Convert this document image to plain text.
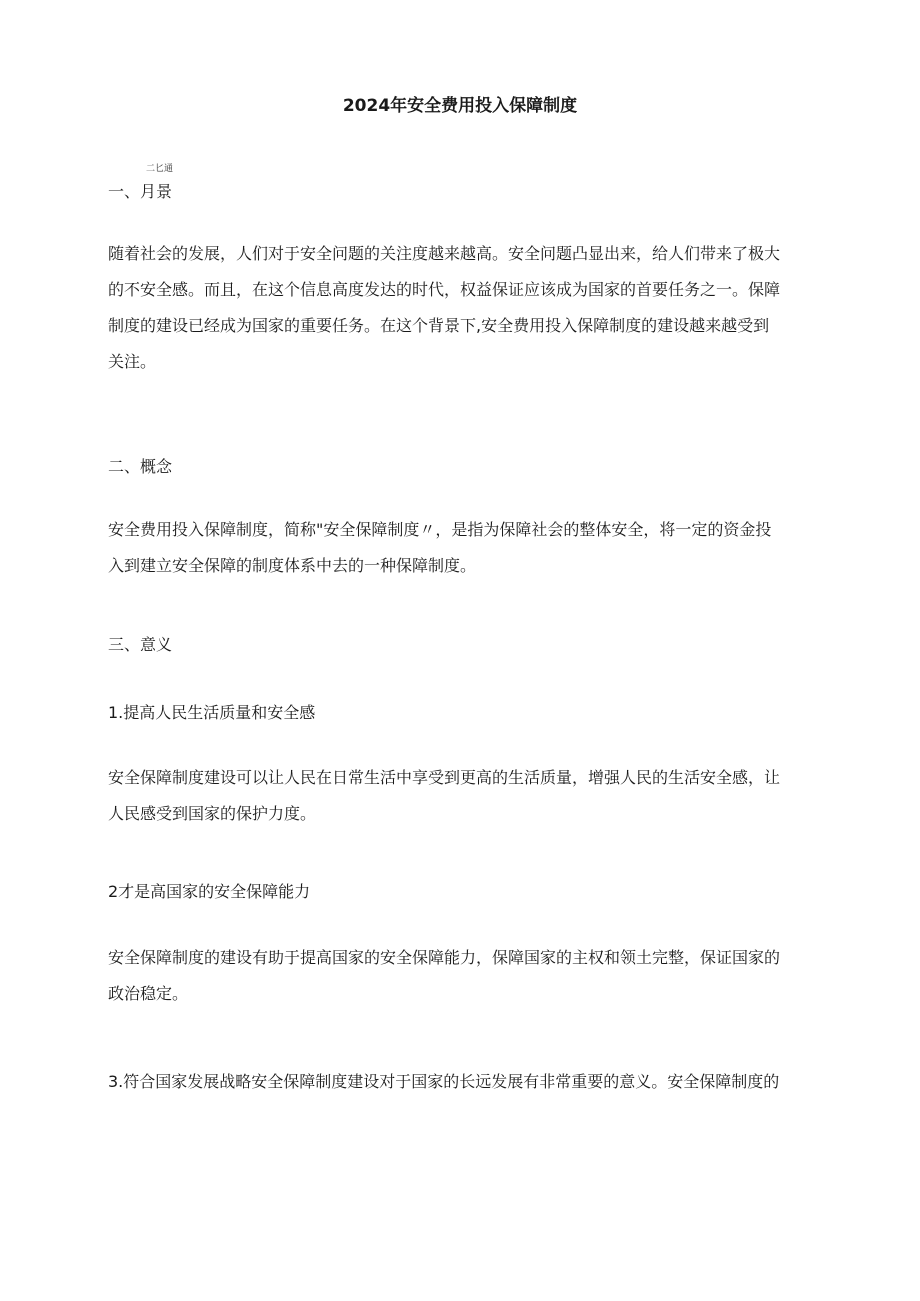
2024年安全费用投入保障制度
二匕通
一、月景
随着社会的发展，人们对于安全问题的关注度越来越高。安全问题凸显出来，给人们带来了极大
的不安全感。而且，在这个信息高度发达的时代，权益保证应该成为国家的首要任务之一。保障
制度的建设已经成为国家的重要任务。在这个背景下,安全费用投入保障制度的建设越来越受到
关注。
二、概念
安全费用投入保障制度，简称"安全保障制度〃，是指为保障社会的整体安全，将一定的资金投
入到建立安全保障的制度体系中去的一种保障制度。
三、意义
1.提高人民生活质量和安全感
安全保障制度建设可以让人民在日常生活中享受到更高的生活质量，增强人民的生活安全感，让
人民感受到国家的保护力度。
2才是高国家的安全保障能力
安全保障制度的建设有助于提高国家的安全保障能力，保障国家的主权和领土完整，保证国家的
政治稳定。
3.符合国家发展战略安全保障制度建设对于国家的长远发展有非常重要的意义。安全保障制度的
